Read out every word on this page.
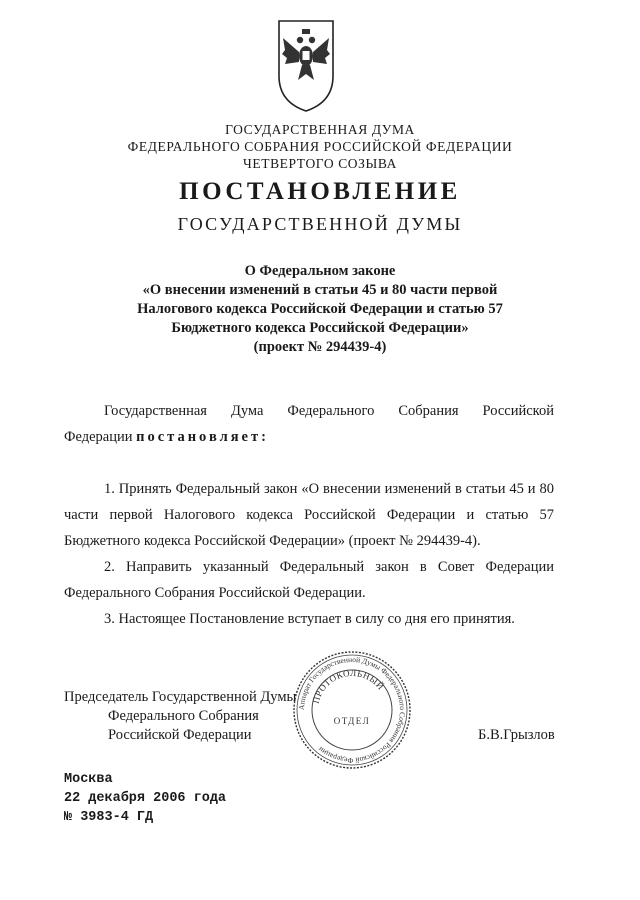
ГОСУДАРСТВЕННАЯ ДУМА
ФЕДЕРАЛЬНОГО СОБРАНИЯ РОССИЙСКОЙ ФЕДЕРАЦИИ
ЧЕТВЕРТОГО СОЗЫВА
ПОСТАНОВЛЕНИЕ
ГОСУДАРСТВЕННОЙ ДУМЫ
О Федеральном законе
«О внесении изменений в статьи 45 и 80 части первой
Налогового кодекса Российской Федерации и статью 57
Бюджетного кодекса Российской Федерации»
(проект № 294439-4)
Государственная Дума Федерального Собрания Российской
Федерации постановляет:

1. Принять Федеральный закон «О внесении изменений в статьи 45 и 80 части первой Налогового кодекса Российской Федерации и статью 57 Бюджетного кодекса Российской Федерации» (проект № 294439-4).

2. Направить указанный Федеральный закон в Совет Федерации Федерального Собрания Российской Федерации.

3. Настоящее Постановление вступает в силу со дня его принятия.

Председатель Государственной Думы
Федерального Собрания
Российской Федерации	Б.В.Грызлов
Аппарат Государственной Думы Федерального Собрания Российской Федерации
ПРОТОКОЛЬНЫЙ
ОТДЕЛ
Москва
22 декабря 2006 года
№ 3983-4 ГД
